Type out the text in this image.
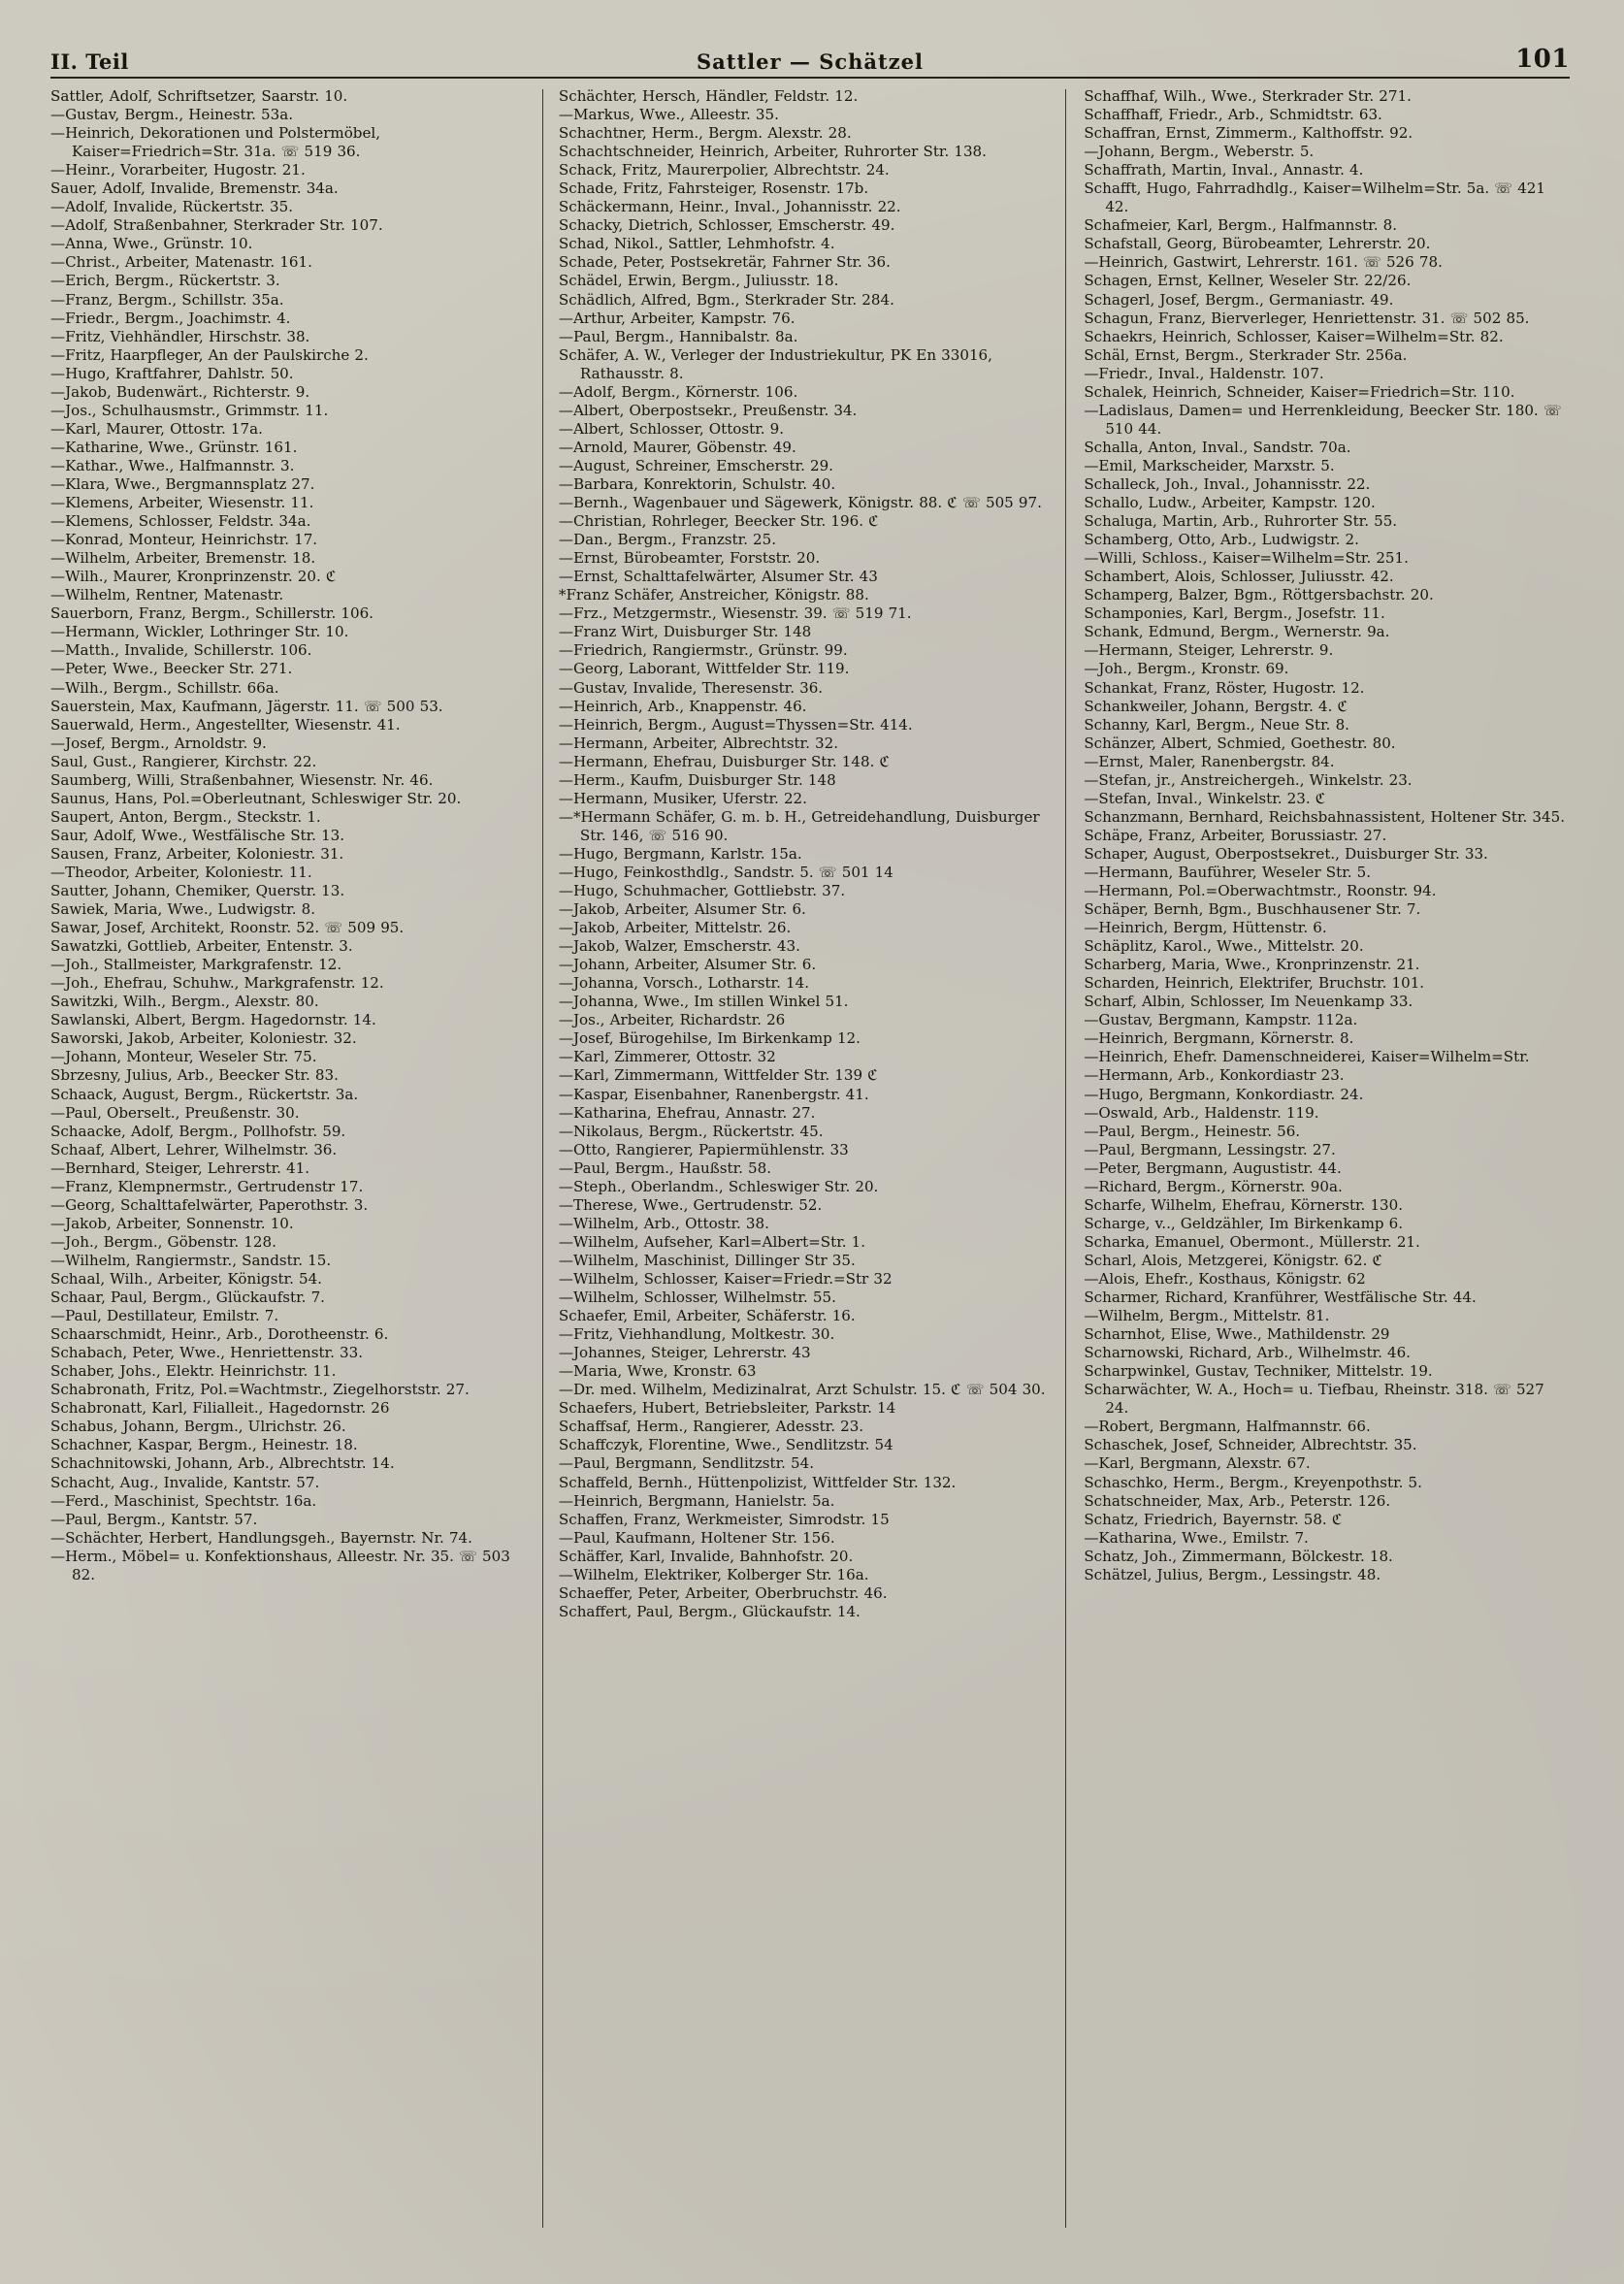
II. Teil	Sattler — Schätzel	101

Sattler, Adolf, Schriftsetzer, Saarstr. 10.

—Gustav, Bergm., Heinestr. 53a.

—Heinrich, Dekorationen und Polstermöbel, Kaiser=Friedrich=Str. 31a. ☏ 519 36.

—Heinr., Vorarbeiter, Hugostr. 21.

Sauer, Adolf, Invalide, Bremenstr. 34a.

—Adolf, Invalide, Rückertstr. 35.

—Adolf, Straßenbahner, Sterkrader Str. 107.

—Anna, Wwe., Grünstr. 10.

—Christ., Arbeiter, Matenastr. 161.

—Erich, Bergm., Rückertstr. 3.

—Franz, Bergm., Schillstr. 35a.

—Friedr., Bergm., Joachimstr. 4.

—Fritz, Viehhändler, Hirschstr. 38.

—Fritz, Haarpfleger, An der Paulskirche 2.

—Hugo, Kraftfahrer, Dahlstr. 50.

—Jakob, Budenwärt., Richterstr. 9.

—Jos., Schulhausmstr., Grimmstr. 11.

—Karl, Maurer, Ottostr. 17a.

—Katharine, Wwe., Grünstr. 161.

—Kathar., Wwe., Halfmannstr. 3.

—Klara, Wwe., Bergmannsplatz 27.

—Klemens, Arbeiter, Wiesenstr. 11.

—Klemens, Schlosser, Feldstr. 34a.

—Konrad, Monteur, Heinrichstr. 17.

—Wilhelm, Arbeiter, Bremenstr. 18.

—Wilh., Maurer, Kronprinzenstr. 20. ℭ

—Wilhelm, Rentner, Matenastr.

Sauerborn, Franz, Bergm., Schillerstr. 106.

—Hermann, Wickler, Lothringer Str. 10.

—Matth., Invalide, Schillerstr. 106.

—Peter, Wwe., Beecker Str. 271.

—Wilh., Bergm., Schillstr. 66a.

Sauerstein, Max, Kaufmann, Jägerstr. 11. ☏ 500 53.

Sauerwald, Herm., Angestellter, Wiesenstr. 41.

—Josef, Bergm., Arnoldstr. 9.

Saul, Gust., Rangierer, Kirchstr. 22.

Saumberg, Willi, Straßenbahner, Wiesenstr. Nr. 46.

Saunus, Hans, Pol.=Oberleutnant, Schleswiger Str. 20.

Saupert, Anton, Bergm., Steckstr. 1.

Saur, Adolf, Wwe., Westfälische Str. 13.

Sausen, Franz, Arbeiter, Koloniestr. 31.

—Theodor, Arbeiter, Koloniestr. 11.

Sautter, Johann, Chemiker, Querstr. 13.

Sawiek, Maria, Wwe., Ludwigstr. 8.

Sawar, Josef, Architekt, Roonstr. 52. ☏ 509 95.

Sawatzki, Gottlieb, Arbeiter, Entenstr. 3.

—Joh., Stallmeister, Markgrafenstr. 12.

—Joh., Ehefrau, Schuhw., Markgrafenstr. 12.

Sawitzki, Wilh., Bergm., Alexstr. 80.

Sawlanski, Albert, Bergm. Hagedornstr. 14.

Saworski, Jakob, Arbeiter, Koloniestr. 32.

—Johann, Monteur, Weseler Str. 75.

Sbrzesny, Julius, Arb., Beecker Str. 83.

Schaack, August, Bergm., Rückertstr. 3a.

—Paul, Oberselt., Preußenstr. 30.

Schaacke, Adolf, Bergm., Pollhofstr. 59.

Schaaf, Albert, Lehrer, Wilhelmstr. 36.

—Bernhard, Steiger, Lehrerstr. 41.

—Franz, Klempnermstr., Gertrudenstr 17.

—Georg, Schalttafelwärter, Paperothstr. 3.

—Jakob, Arbeiter, Sonnenstr. 10.

—Joh., Bergm., Göbenstr. 128.

—Wilhelm, Rangiermstr., Sandstr. 15.

Schaal, Wilh., Arbeiter, Königstr. 54.

Schaar, Paul, Bergm., Glückaufstr. 7.

—Paul, Destillateur, Emilstr. 7.

Schaarschmidt, Heinr., Arb., Dorotheenstr. 6.

Schabach, Peter, Wwe., Henriettenstr. 33.

Schaber, Johs., Elektr. Heinrichstr. 11.

Schabronath, Fritz, Pol.=Wachtmstr., Ziegelhorststr. 27.

Schabronatt, Karl, Filialleit., Hagedornstr. 26

Schabus, Johann, Bergm., Ulrichstr. 26.

Schachner, Kaspar, Bergm., Heinestr. 18.

Schachnitowski, Johann, Arb., Albrechtstr. 14.

Schacht, Aug., Invalide, Kantstr. 57.

—Ferd., Maschinist, Spechtstr. 16a.

—Paul, Bergm., Kantstr. 57.

—Schächter, Herbert, Handlungsgeh., Bayernstr. Nr. 74.

—Herm., Möbel= u. Konfektionshaus, Alleestr. Nr. 35. ☏ 503 82.

Schächter, Hersch, Händler, Feldstr. 12.

—Markus, Wwe., Alleestr. 35.

Schachtner, Herm., Bergm. Alexstr. 28.

Schachtschneider, Heinrich, Arbeiter, Ruhrorter Str. 138.

Schack, Fritz, Maurerpolier, Albrechtstr. 24.

Schade, Fritz, Fahrsteiger, Rosenstr. 17b.

Schäckermann, Heinr., Inval., Johannisstr. 22.

Schacky, Dietrich, Schlosser, Emscherstr. 49.

Schad, Nikol., Sattler, Lehmhofstr. 4.

Schade, Peter, Postsekretär, Fahrner Str. 36.

Schädel, Erwin, Bergm., Juliusstr. 18.

Schädlich, Alfred, Bgm., Sterkrader Str. 284.

—Arthur, Arbeiter, Kampstr. 76.

—Paul, Bergm., Hannibalstr. 8a.

Schäfer, A. W., Verleger der Industriekultur, PK En 33016, Rathausstr. 8.

—Adolf, Bergm., Körnerstr. 106.

—Albert, Oberpostsekr., Preußenstr. 34.

—Albert, Schlosser, Ottostr. 9.

—Arnold, Maurer, Göbenstr. 49.

—August, Schreiner, Emscherstr. 29.

—Barbara, Konrektorin, Schulstr. 40.

—Bernh., Wagenbauer und Sägewerk, Königstr. 88. ℭ ☏ 505 97.

—Christian, Rohrleger, Beecker Str. 196. ℭ

—Dan., Bergm., Franzstr. 25.

—Ernst, Bürobeamter, Forststr. 20.

—Ernst, Schalttafelwärter, Alsumer Str. 43

*Franz Schäfer, Anstreicher, Königstr. 88.

—Frz., Metzgermstr., Wiesenstr. 39. ☏ 519 71.

—Franz Wirt, Duisburger Str. 148

—Friedrich, Rangiermstr., Grünstr. 99.

—Georg, Laborant, Wittfelder Str. 119.

—Gustav, Invalide, Theresenstr. 36.

—Heinrich, Arb., Knappenstr. 46.

—Heinrich, Bergm., August=Thyssen=Str. 414.

—Hermann, Arbeiter, Albrechtstr. 32.

—Hermann, Ehefrau, Duisburger Str. 148. ℭ

—Herm., Kaufm, Duisburger Str. 148

—Hermann, Musiker, Uferstr. 22.

—*Hermann Schäfer, G. m. b. H., Getreidehandlung, Duisburger Str. 146, ☏ 516 90.

—Hugo, Bergmann, Karlstr. 15a.

—Hugo, Feinkosthdlg., Sandstr. 5. ☏ 501 14

—Hugo, Schuhmacher, Gottliebstr. 37.

—Jakob, Arbeiter, Alsumer Str. 6.

—Jakob, Arbeiter, Mittelstr. 26.

—Jakob, Walzer, Emscherstr. 43.

—Johann, Arbeiter, Alsumer Str. 6.

—Johanna, Vorsch., Lotharstr. 14.

—Johanna, Wwe., Im stillen Winkel 51.

—Jos., Arbeiter, Richardstr. 26

—Josef, Bürogehilse, Im Birkenkamp 12.

—Karl, Zimmerer, Ottostr. 32

—Karl, Zimmermann, Wittfelder Str. 139 ℭ

—Kaspar, Eisenbahner, Ranenbergstr. 41.

—Katharina, Ehefrau, Annastr. 27.

—Nikolaus, Bergm., Rückertstr. 45.

—Otto, Rangierer, Papiermühlenstr. 33

—Paul, Bergm., Haußstr. 58.

—Steph., Oberlandm., Schleswiger Str. 20.

—Therese, Wwe., Gertrudenstr. 52.

—Wilhelm, Arb., Ottostr. 38.

—Wilhelm, Aufseher, Karl=Albert=Str. 1.

—Wilhelm, Maschinist, Dillinger Str 35.

—Wilhelm, Schlosser, Kaiser=Friedr.=Str 32

—Wilhelm, Schlosser, Wilhelmstr. 55.

Schaefer, Emil, Arbeiter, Schäferstr. 16.

—Fritz, Viehhandlung, Moltkestr. 30.

—Johannes, Steiger, Lehrerstr. 43

—Maria, Wwe, Kronstr. 63

—Dr. med. Wilhelm, Medizinalrat, Arzt Schulstr. 15. ℭ ☏ 504 30.

Schaefers, Hubert, Betriebsleiter, Parkstr. 14

Schaffsaf, Herm., Rangierer, Adesstr. 23.

Schaffczyk, Florentine, Wwe., Sendlitzstr. 54

—Paul, Bergmann, Sendlitzstr. 54.

Schaffeld, Bernh., Hüttenpolizist, Wittfelder Str. 132.

—Heinrich, Bergmann, Hanielstr. 5a.

Schaffen, Franz, Werkmeister, Simrodstr. 15

—Paul, Kaufmann, Holtener Str. 156.

Schäffer, Karl, Invalide, Bahnhofstr. 20.

—Wilhelm, Elektriker, Kolberger Str. 16a.

Schaeffer, Peter, Arbeiter, Oberbruchstr. 46.

Schaffert, Paul, Bergm., Glückaufstr. 14.

Schaffhaf, Wilh., Wwe., Sterkrader Str. 271.

Schaffhaff, Friedr., Arb., Schmidtstr. 63.

Schaffran, Ernst, Zimmerm., Kalthoffstr. 92.

—Johann, Bergm., Weberstr. 5.

Schaffrath, Martin, Inval., Annastr. 4.

Schafft, Hugo, Fahrradhdlg., Kaiser=Wilhelm=Str. 5a. ☏ 421 42.

Schafmeier, Karl, Bergm., Halfmannstr. 8.

Schafstall, Georg, Bürobeamter, Lehrerstr. 20.

—Heinrich, Gastwirt, Lehrerstr. 161. ☏ 526 78.

Schagen, Ernst, Kellner, Weseler Str. 22/26.

Schagerl, Josef, Bergm., Germaniastr. 49.

Schagun, Franz, Bierverleger, Henriettenstr. 31. ☏ 502 85.

Schaekrs, Heinrich, Schlosser, Kaiser=Wilhelm=Str. 82.

Schäl, Ernst, Bergm., Sterkrader Str. 256a.

—Friedr., Inval., Haldenstr. 107.

Schalek, Heinrich, Schneider, Kaiser=Friedrich=Str. 110.

—Ladislaus, Damen= und Herrenkleidung, Beecker Str. 180. ☏ 510 44.

Schalla, Anton, Inval., Sandstr. 70a.

—Emil, Markscheider, Marxstr. 5.

Schalleck, Joh., Inval., Johannisstr. 22.

Schallo, Ludw., Arbeiter, Kampstr. 120.

Schaluga, Martin, Arb., Ruhrorter Str. 55.

Schamberg, Otto, Arb., Ludwigstr. 2.

—Willi, Schloss., Kaiser=Wilhelm=Str. 251.

Schambert, Alois, Schlosser, Juliusstr. 42.

Schamperg, Balzer, Bgm., Röttgersbachstr. 20.

Schamponies, Karl, Bergm., Josefstr. 11.

Schank, Edmund, Bergm., Wernerstr. 9a.

—Hermann, Steiger, Lehrerstr. 9.

—Joh., Bergm., Kronstr. 69.

Schankat, Franz, Röster, Hugostr. 12.

Schankweiler, Johann, Bergstr. 4. ℭ

Schanny, Karl, Bergm., Neue Str. 8.

Schänzer, Albert, Schmied, Goethestr. 80.

—Ernst, Maler, Ranenbergstr. 84.

—Stefan, jr., Anstreichergeh., Winkelstr. 23.

—Stefan, Inval., Winkelstr. 23. ℭ

Schanzmann, Bernhard, Reichsbahnassistent, Holtener Str. 345.

Schäpe, Franz, Arbeiter, Borussiastr. 27.

Schaper, August, Oberpostsekret., Duisburger Str. 33.

—Hermann, Bauführer, Weseler Str. 5.

—Hermann, Pol.=Oberwachtmstr., Roonstr. 94.

Schäper, Bernh, Bgm., Buschhausener Str. 7.

—Heinrich, Bergm, Hüttenstr. 6.

Schäplitz, Karol., Wwe., Mittelstr. 20.

Scharberg, Maria, Wwe., Kronprinzenstr. 21.

Scharden, Heinrich, Elektrifer, Bruchstr. 101.

Scharf, Albin, Schlosser, Im Neuenkamp 33.

—Gustav, Bergmann, Kampstr. 112a.

—Heinrich, Bergmann, Körnerstr. 8.

—Heinrich, Ehefr. Damenschneiderei, Kaiser=Wilhelm=Str.

—Hermann, Arb., Konkordiastr 23.

—Hugo, Bergmann, Konkordiastr. 24.

—Oswald, Arb., Haldenstr. 119.

—Paul, Bergm., Heinestr. 56.

—Paul, Bergmann, Lessingstr. 27.

—Peter, Bergmann, Augustistr. 44.

—Richard, Bergm., Körnerstr. 90a.

Scharfe, Wilhelm, Ehefrau, Körnerstr. 130.

Scharge, v.., Geldzähler, Im Birkenkamp 6.

Scharka, Emanuel, Obermont., Müllerstr. 21.

Scharl, Alois, Metzgerei, Königstr. 62. ℭ

—Alois, Ehefr., Kosthaus, Königstr. 62

Scharmer, Richard, Kranführer, Westfälische Str. 44.

—Wilhelm, Bergm., Mittelstr. 81.

Scharnhot, Elise, Wwe., Mathildenstr. 29

Scharnowski, Richard, Arb., Wilhelmstr. 46.

Scharpwinkel, Gustav, Techniker, Mittelstr. 19.

Scharwächter, W. A., Hoch= u. Tiefbau, Rheinstr. 318. ☏ 527 24.

—Robert, Bergmann, Halfmannstr. 66.

Schaschek, Josef, Schneider, Albrechtstr. 35.

—Karl, Bergmann, Alexstr. 67.

Schaschko, Herm., Bergm., Kreyenpothstr. 5.

Schatschneider, Max, Arb., Peterstr. 126.

Schatz, Friedrich, Bayernstr. 58. ℭ

—Katharina, Wwe., Emilstr. 7.

Schatz, Joh., Zimmermann, Bölckestr. 18.

Schätzel, Julius, Bergm., Lessingstr. 48.
